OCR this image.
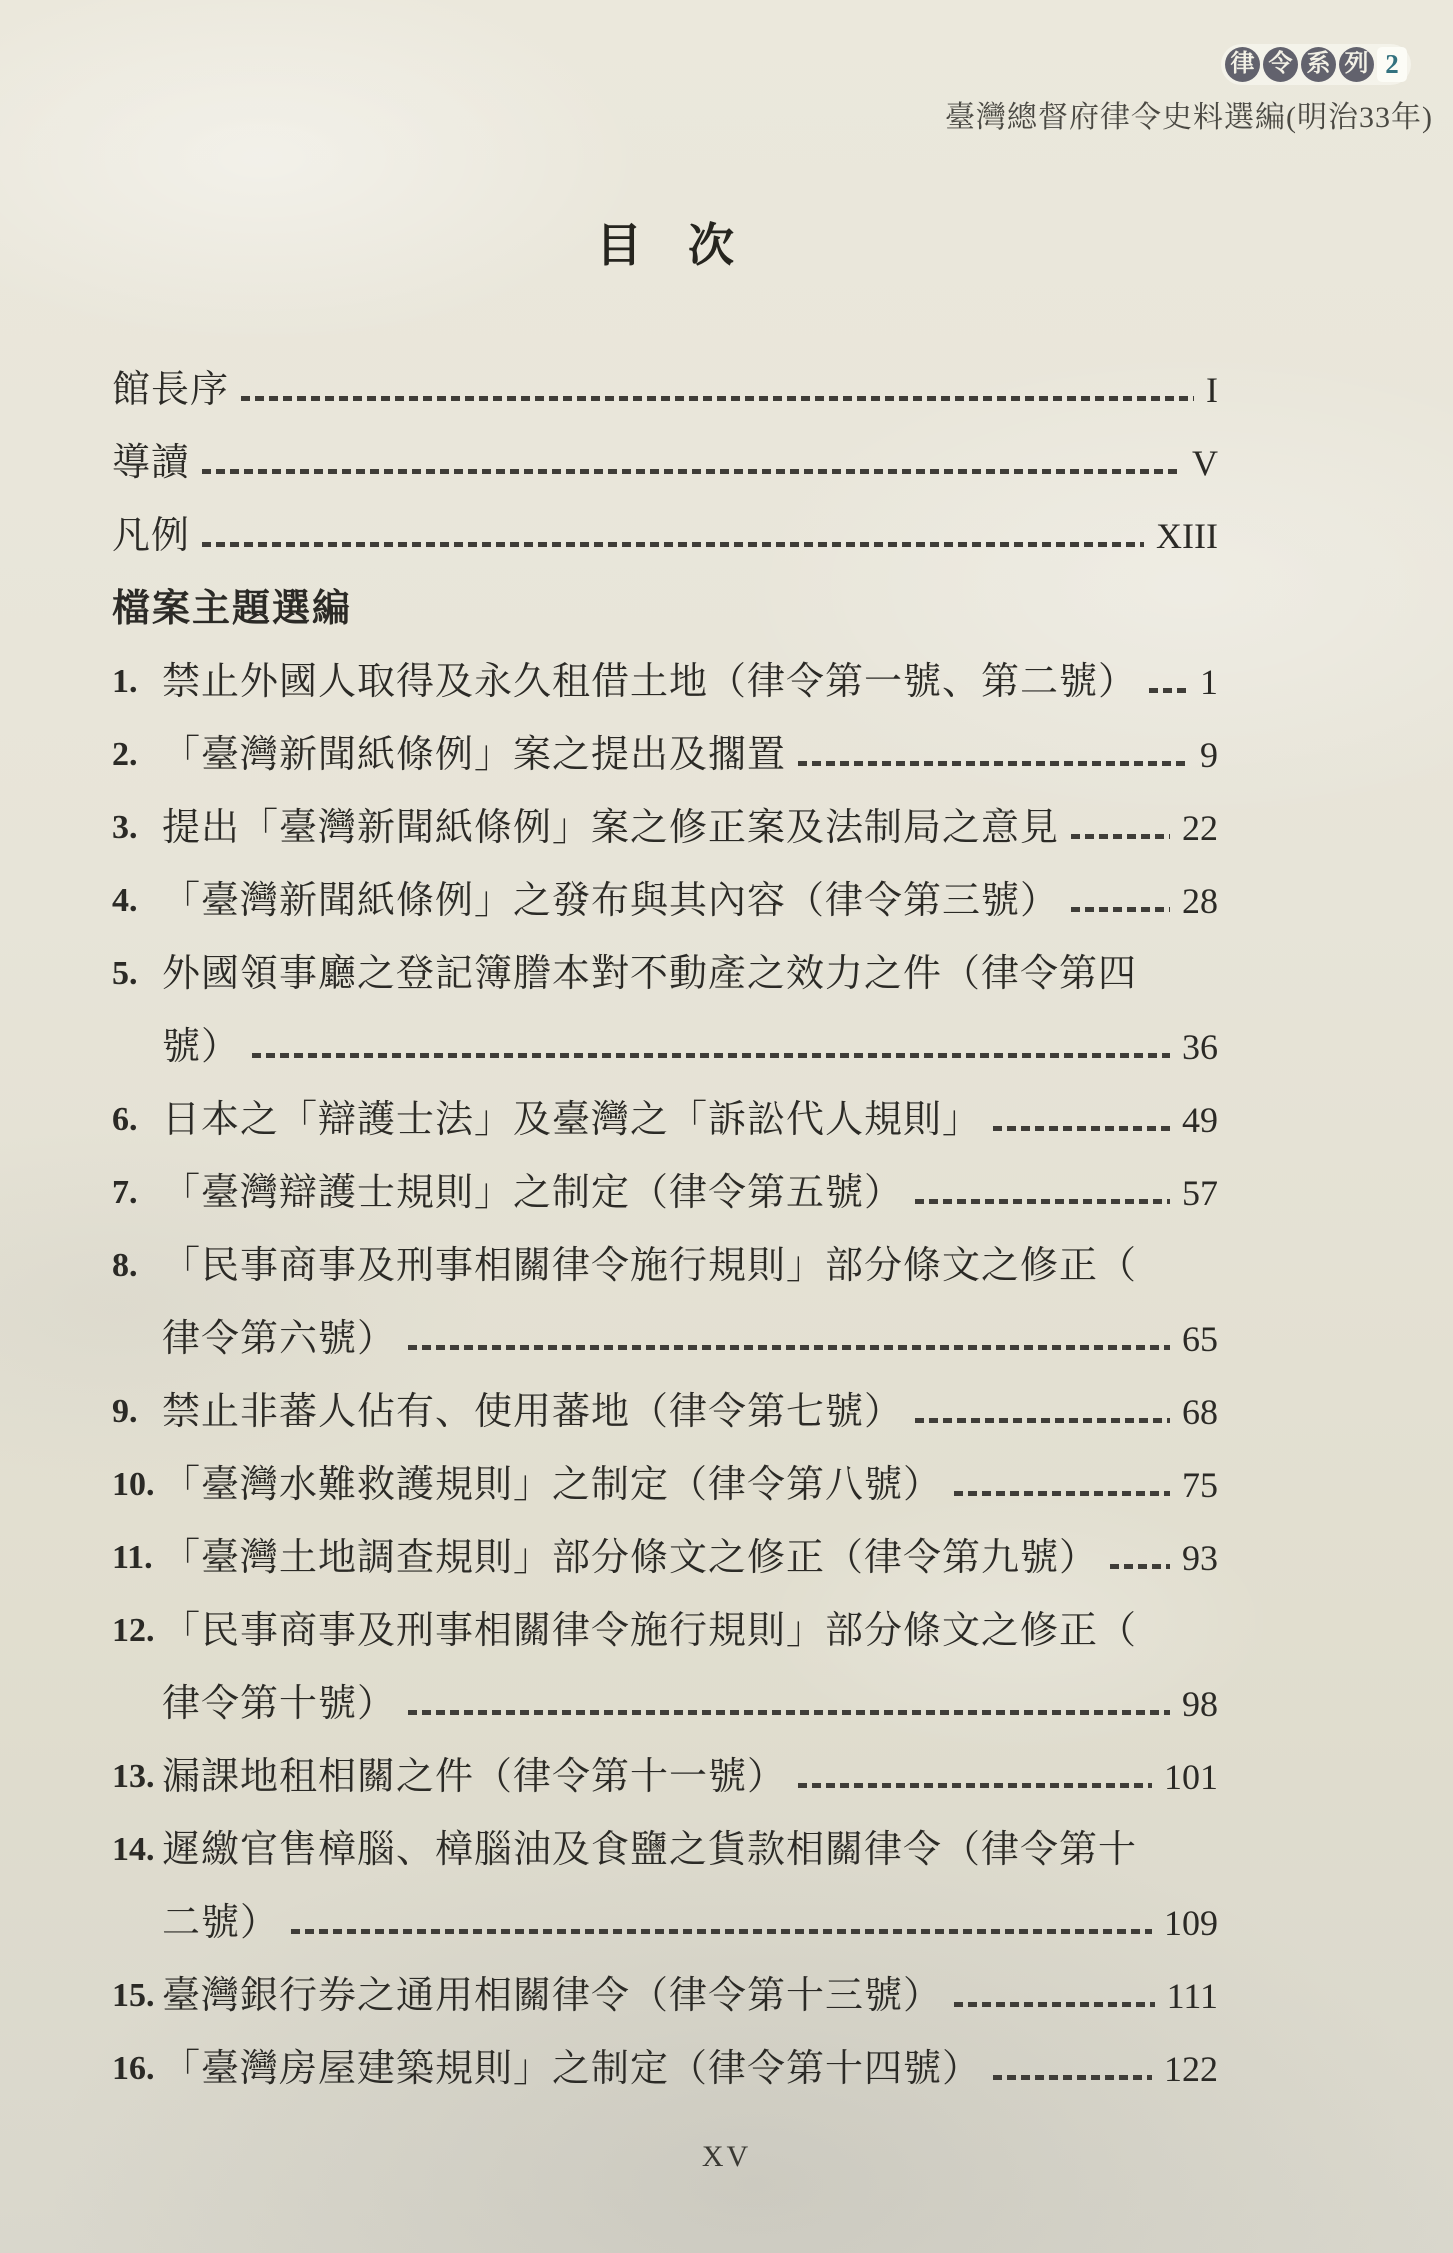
律 令 系 列 2
臺灣總督府律令史料選編(明治33年)
目　次
館長序	I
導讀	V
凡例	XIII
檔案主題選編
1. 禁止外國人取得及永久租借土地（律令第一號、第二號） 1
2. 「臺灣新聞紙條例」案之提出及擱置	9
3. 提出「臺灣新聞紙條例」案之修正案及法制局之意見	22
4. 「臺灣新聞紙條例」之發布與其內容（律令第三號）	28
5. 外國領事廳之登記簿謄本對不動產之效力之件（律令第四
號）	36
6. 日本之「辯護士法」及臺灣之「訴訟代人規則」	49
7. 「臺灣辯護士規則」之制定（律令第五號）	57
8. 「民事商事及刑事相關律令施行規則」部分條文之修正（
律令第六號）	65
9. 禁止非蕃人佔有、使用蕃地（律令第七號）	68
10. 「臺灣水難救護規則」之制定（律令第八號）	75
11. 「臺灣土地調查規則」部分條文之修正（律令第九號） 93
12. 「民事商事及刑事相關律令施行規則」部分條文之修正（
律令第十號）	98
13. 漏課地租相關之件（律令第十一號）	101
14. 遲繳官售樟腦、樟腦油及食鹽之貨款相關律令（律令第十
二號）	109
15. 臺灣銀行券之通用相關律令（律令第十三號）	111
16. 「臺灣房屋建築規則」之制定（律令第十四號）	122
XV
